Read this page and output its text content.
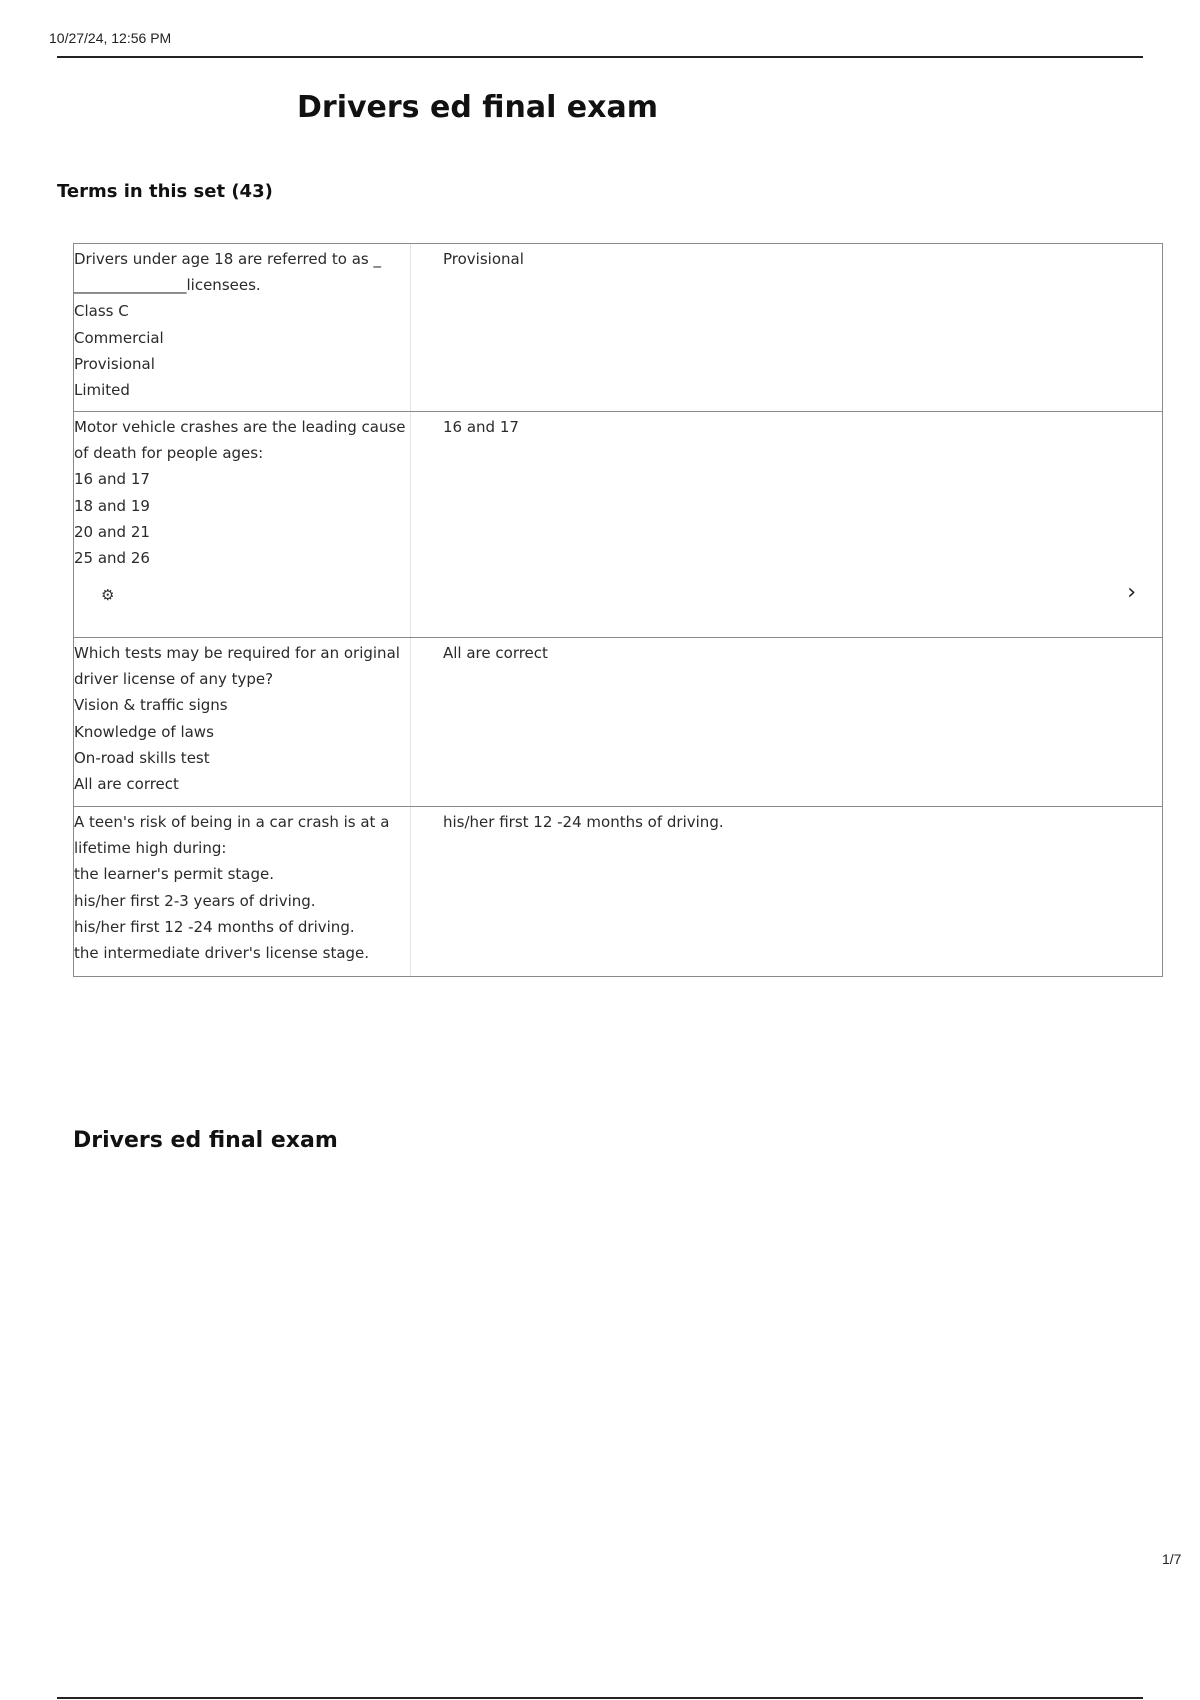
10/27/24, 12:56 PM
Drivers ed final exam
Terms in this set (43)
Drivers under age 18 are referred to as _ _______________licensees.
Class C
Commercial
Provisional
Limited
Provisional
Motor vehicle crashes are the leading cause of death for people ages:
16 and 17
18 and 19
20 and 21
25 and 26
16 and 17
⚙	›
Which tests may be required for an original driver license of any type?
Vision & traffic signs
Knowledge of laws
On-road skills test
All are correct
All are correct
A teen's risk of being in a car crash is at a lifetime high during:
the learner's permit stage.
his/her first 2-3 years of driving.
his/her first 12 -24 months of driving.
the intermediate driver's license stage.
his/her first 12 -24 months of driving.
Drivers ed final exam
1/7
